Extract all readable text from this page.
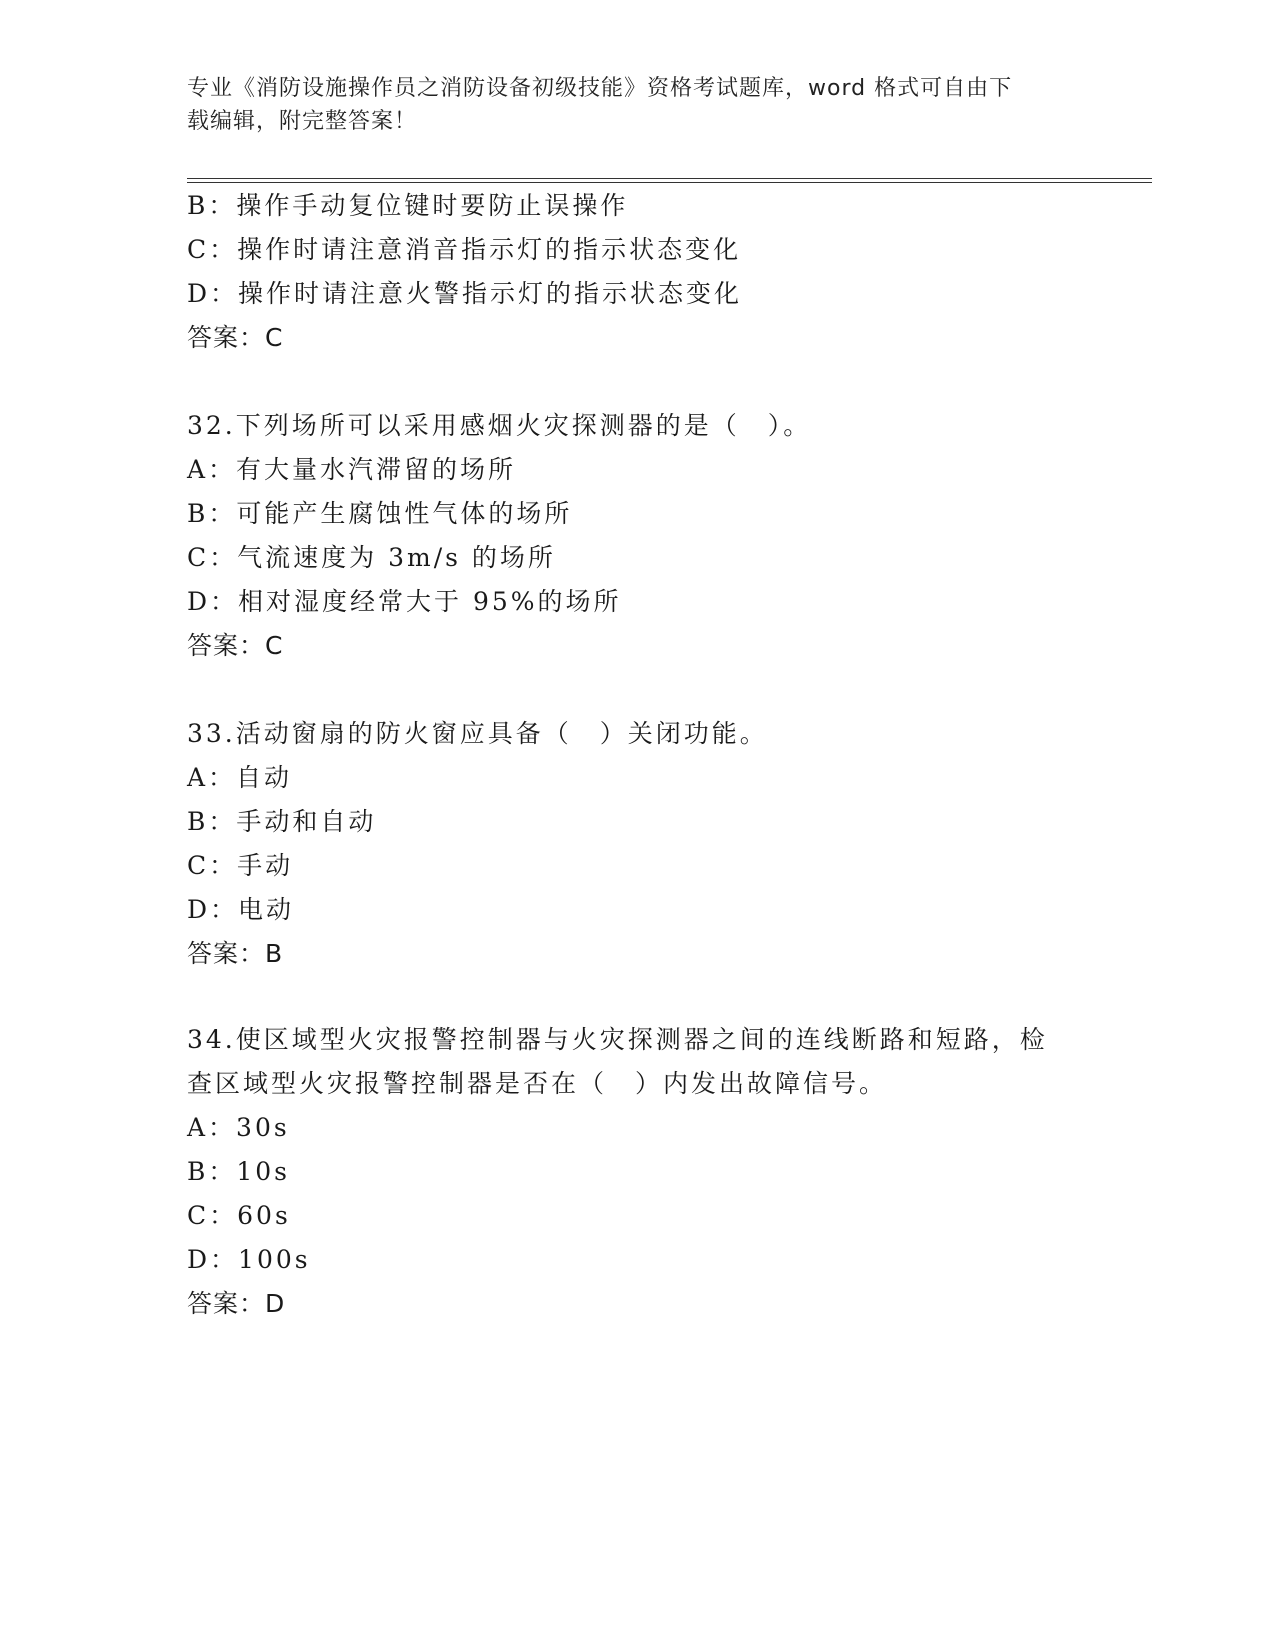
专业《消防设施操作员之消防设备初级技能》资格考试题库，word 格式可自由下
载编辑，附完整答案！
B：操作手动复位键时要防止误操作
C：操作时请注意消音指示灯的指示状态变化
D：操作时请注意火警指示灯的指示状态变化
答案：C
32.下列场所可以采用感烟火灾探测器的是（　）。
A：有大量水汽滞留的场所
B：可能产生腐蚀性气体的场所
C：气流速度为 3m/s 的场所
D：相对湿度经常大于 95%的场所
答案：C
33.活动窗扇的防火窗应具备（　）关闭功能。
A：自动
B：手动和自动
C：手动
D：电动
答案：B
34.使区域型火灾报警控制器与火灾探测器之间的连线断路和短路，检
查区域型火灾报警控制器是否在（　）内发出故障信号。
A：30s
B：10s
C：60s
D：100s
答案：D
